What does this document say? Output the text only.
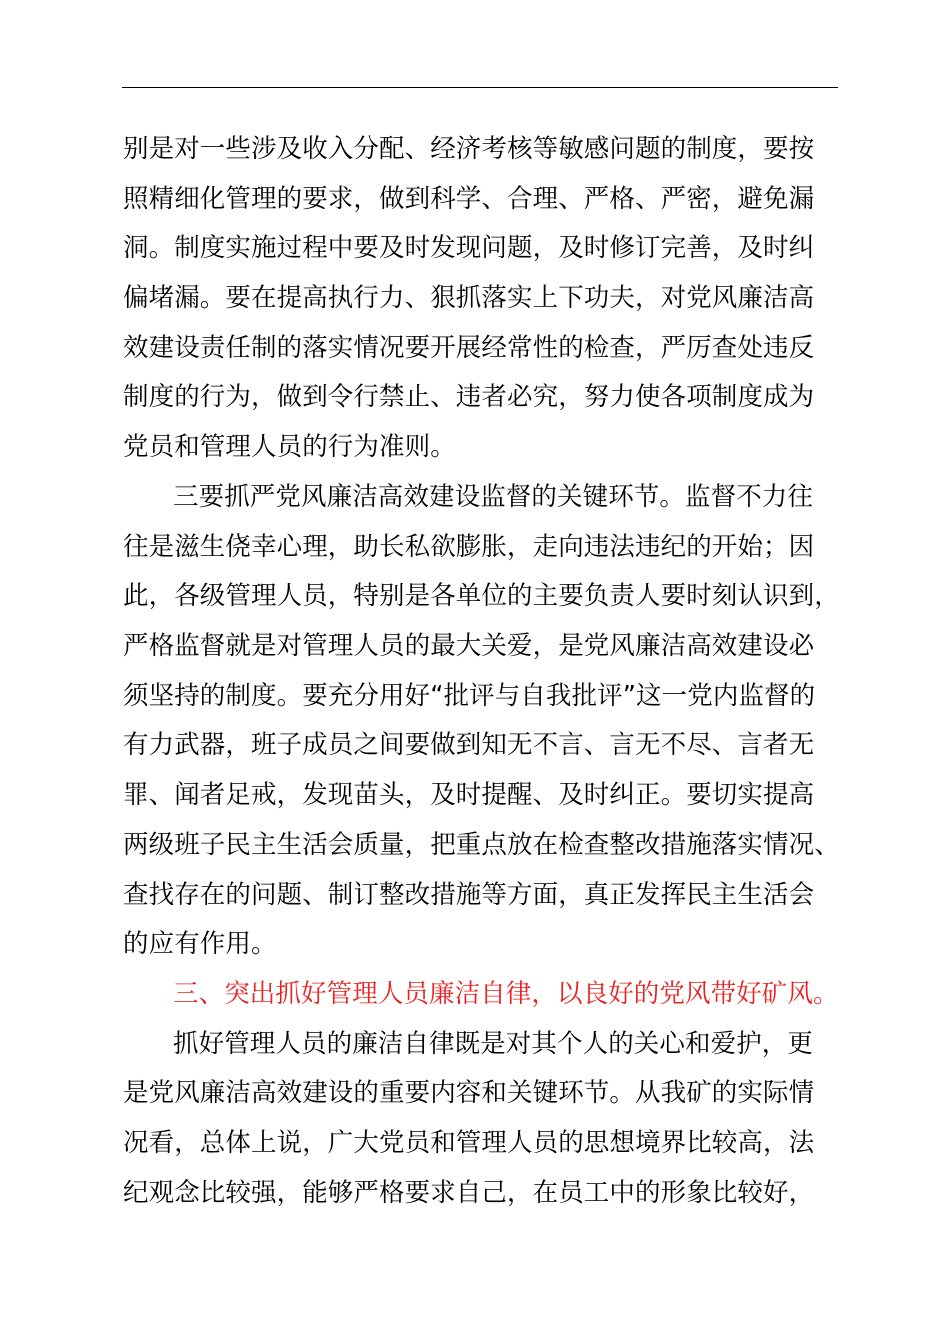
别是对一些涉及收入分配、经济考核等敏感问题的制度，要按
照精细化管理的要求，做到科学、合理、严格、严密，避免漏
洞。制度实施过程中要及时发现问题，及时修订完善，及时纠
偏堵漏。要在提高执行力、狠抓落实上下功夫，对党风廉洁高
效建设责任制的落实情况要开展经常性的检查，严厉查处违反
制度的行为，做到令行禁止、违者必究，努力使各项制度成为
党员和管理人员的行为准则。
三要抓严党风廉洁高效建设监督的关键环节。监督不力往
往是滋生侥幸心理，助长私欲膨胀，走向违法违纪的开始；因
此，各级管理人员，特别是各单位的主要负责人要时刻认识到，
严格监督就是对管理人员的最大关爱，是党风廉洁高效建设必
须坚持的制度。要充分用好“批评与自我批评”这一党内监督的
有力武器，班子成员之间要做到知无不言、言无不尽、言者无
罪、闻者足戒，发现苗头，及时提醒、及时纠正。要切实提高
两级班子民主生活会质量，把重点放在检查整改措施落实情况、
查找存在的问题、制订整改措施等方面，真正发挥民主生活会
的应有作用。
三、突出抓好管理人员廉洁自律，以良好的党风带好矿风。
抓好管理人员的廉洁自律既是对其个人的关心和爱护，更
是党风廉洁高效建设的重要内容和关键环节。从我矿的实际情
况看，总体上说，广大党员和管理人员的思想境界比较高，法
纪观念比较强，能够严格要求自己，在员工中的形象比较好，
